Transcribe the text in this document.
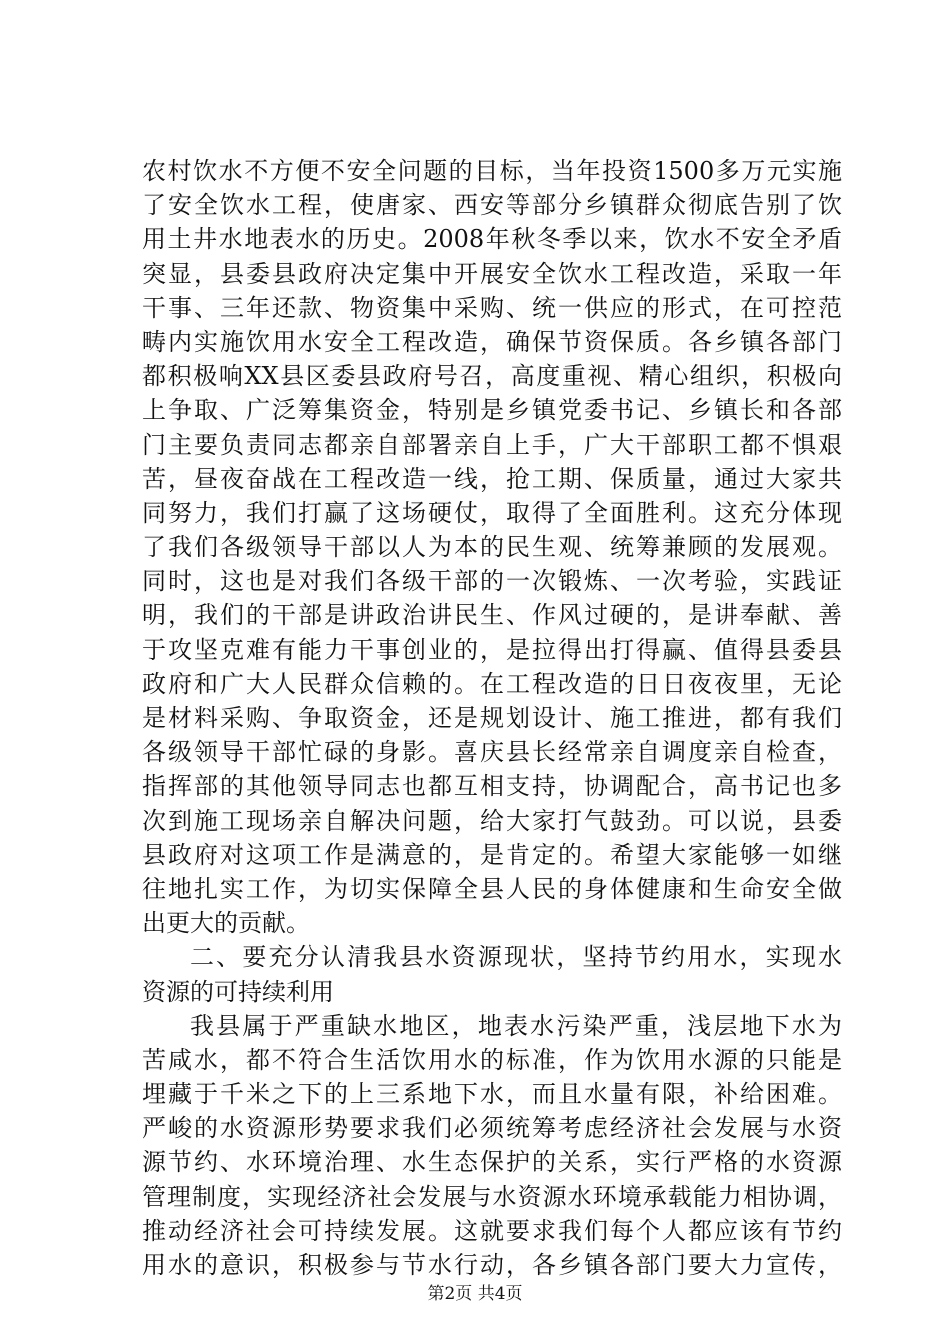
农村饮水不方便不安全问题的目标，当年投资1500多万元实施
了安全饮水工程，使唐家、西安等部分乡镇群众彻底告别了饮
用土井水地表水的历史。2008年秋冬季以来，饮水不安全矛盾
突显，县委县政府决定集中开展安全饮水工程改造，采取一年
干事、三年还款、物资集中采购、统一供应的形式，在可控范
畴内实施饮用水安全工程改造，确保节资保质。各乡镇各部门
都积极响XX县区委县政府号召，高度重视、精心组织，积极向
上争取、广泛筹集资金，特别是乡镇党委书记、乡镇长和各部
门主要负责同志都亲自部署亲自上手，广大干部职工都不惧艰
苦，昼夜奋战在工程改造一线，抢工期、保质量，通过大家共
同努力，我们打赢了这场硬仗，取得了全面胜利。这充分体现
了我们各级领导干部以人为本的民生观、统筹兼顾的发展观。
同时，这也是对我们各级干部的一次锻炼、一次考验，实践证
明，我们的干部是讲政治讲民生、作风过硬的，是讲奉献、善
于攻坚克难有能力干事创业的，是拉得出打得赢、值得县委县
政府和广大人民群众信赖的。在工程改造的日日夜夜里，无论
是材料采购、争取资金，还是规划设计、施工推进，都有我们
各级领导干部忙碌的身影。喜庆县长经常亲自调度亲自检查，
指挥部的其他领导同志也都互相支持，协调配合，高书记也多
次到施工现场亲自解决问题，给大家打气鼓劲。可以说，县委
县政府对这项工作是满意的，是肯定的。希望大家能够一如继
往地扎实工作，为切实保障全县人民的身体健康和生命安全做
出更大的贡献。
二、要充分认清我县水资源现状，坚持节约用水，实现水
资源的可持续利用
我县属于严重缺水地区，地表水污染严重，浅层地下水为
苦咸水，都不符合生活饮用水的标准，作为饮用水源的只能是
埋藏于千米之下的上三系地下水，而且水量有限，补给困难。
严峻的水资源形势要求我们必须统筹考虑经济社会发展与水资
源节约、水环境治理、水生态保护的关系，实行严格的水资源
管理制度，实现经济社会发展与水资源水环境承载能力相协调，
推动经济社会可持续发展。这就要求我们每个人都应该有节约
用水的意识，积极参与节水行动，各乡镇各部门要大力宣传，
第2页 共4页
